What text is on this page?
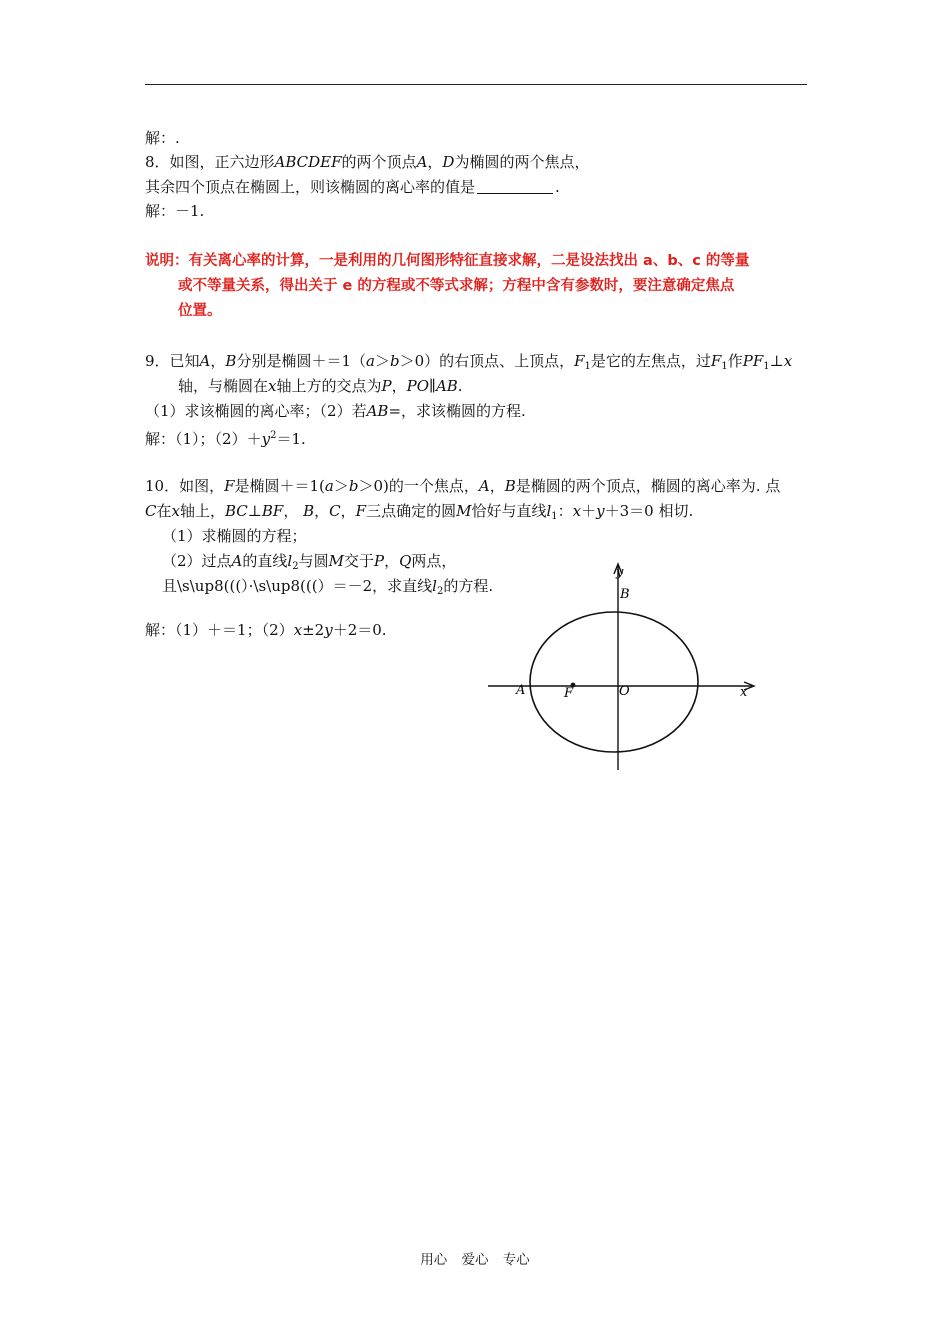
解：.
8．如图，正六边形ABCDEF的两个顶点A，D为椭圆的两个焦点，
其余四个顶点在椭圆上，则该椭圆的离心率的值是	.
解：－1.
说明：有关离心率的计算，一是利用的几何图形特征直接求解，二是设法找出 a、b、c 的等量
或不等量关系，得出关于 e 的方程或不等式求解；方程中含有参数时，要注意确定焦点
位置。
9．已知A，B分别是椭圆＋＝1（a＞b＞0）的右顶点、上顶点，$F_1$是它的左焦点，过$F_1$作$PF_1\perp x$
轴，与椭圆在x轴上方的交点为P，PO∥AB.
（1）求该椭圆的离心率；（2）若AB=，求该椭圆的方程.
解：（1）；$(2)+y^2=1$.
10．如图，F是椭圆＋＝1(a＞b＞0)的一个焦点，A，B是椭圆的两个顶点，椭圆的离心率为. 点
C在x轴上，BC⊥BF， B，C，F三点确定的圆M恰好与直线$l_1$：x＋y＋3＝0 相切.
（1）求椭圆的方程；
（2）过点A的直线$l_2$与圆M交于P，Q两点，
且\s\up8(((）·\s\up8(((）＝－2，求直线$l_2$的方程.
解：（1）＋＝1；（2）x±2y＋2＝0.
y
B
A	F	O	x
用心 爱心 专心
